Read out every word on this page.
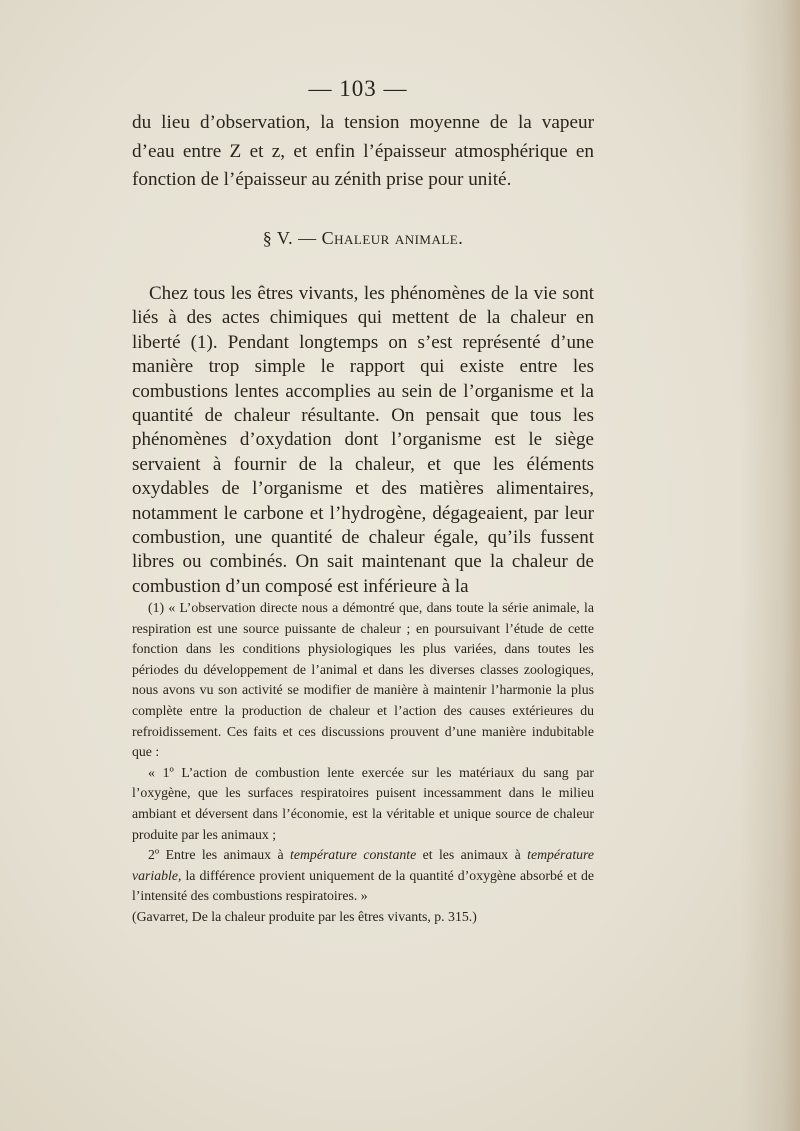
— 103 —

du lieu d’observation, la tension moyenne de la vapeur d’eau entre Z et z, et enfin l’épaisseur atmosphérique en fonction de l’épaisseur au zénith prise pour unité.

§ V. — Chaleur animale.

Chez tous les êtres vivants, les phénomènes de la vie sont liés à des actes chimiques qui mettent de la chaleur en liberté (1). Pendant longtemps on s’est représenté d’une manière trop simple le rapport qui existe entre les combustions lentes accomplies au sein de l’organisme et la quantité de chaleur résultante. On pensait que tous les phénomènes d’oxydation dont l’organisme est le siège servaient à fournir de la chaleur, et que les éléments oxydables de l’organisme et des matières alimentaires, notamment le carbone et l’hydrogène, dégageaient, par leur combustion, une quantité de chaleur égale, qu’ils fussent libres ou combinés. On sait maintenant que la chaleur de combustion d’un composé est inférieure à la

(1) « L’observation directe nous a démontré que, dans toute la série animale, la respiration est une source puissante de chaleur ; en poursuivant l’étude de cette fonction dans les conditions physiologiques les plus variées, dans toutes les périodes du développement de l’animal et dans les diverses classes zoologiques, nous avons vu son activité se modifier de manière à maintenir l’harmonie la plus complète entre la production de chaleur et l’action des causes extérieures du refroidissement. Ces faits et ces discussions prouvent d’une manière indubitable que :

« 1º L’action de combustion lente exercée sur les matériaux du sang par l’oxygène, que les surfaces respiratoires puisent incessamment dans le milieu ambiant et déversent dans l’économie, est la véritable et unique source de chaleur produite par les animaux ;

2º Entre les animaux à température constante et les animaux à température variable, la différence provient uniquement de la quantité d’oxygène absorbé et de l’intensité des combustions respiratoires. »

(Gavarret, De la chaleur produite par les êtres vivants, p. 315.)
